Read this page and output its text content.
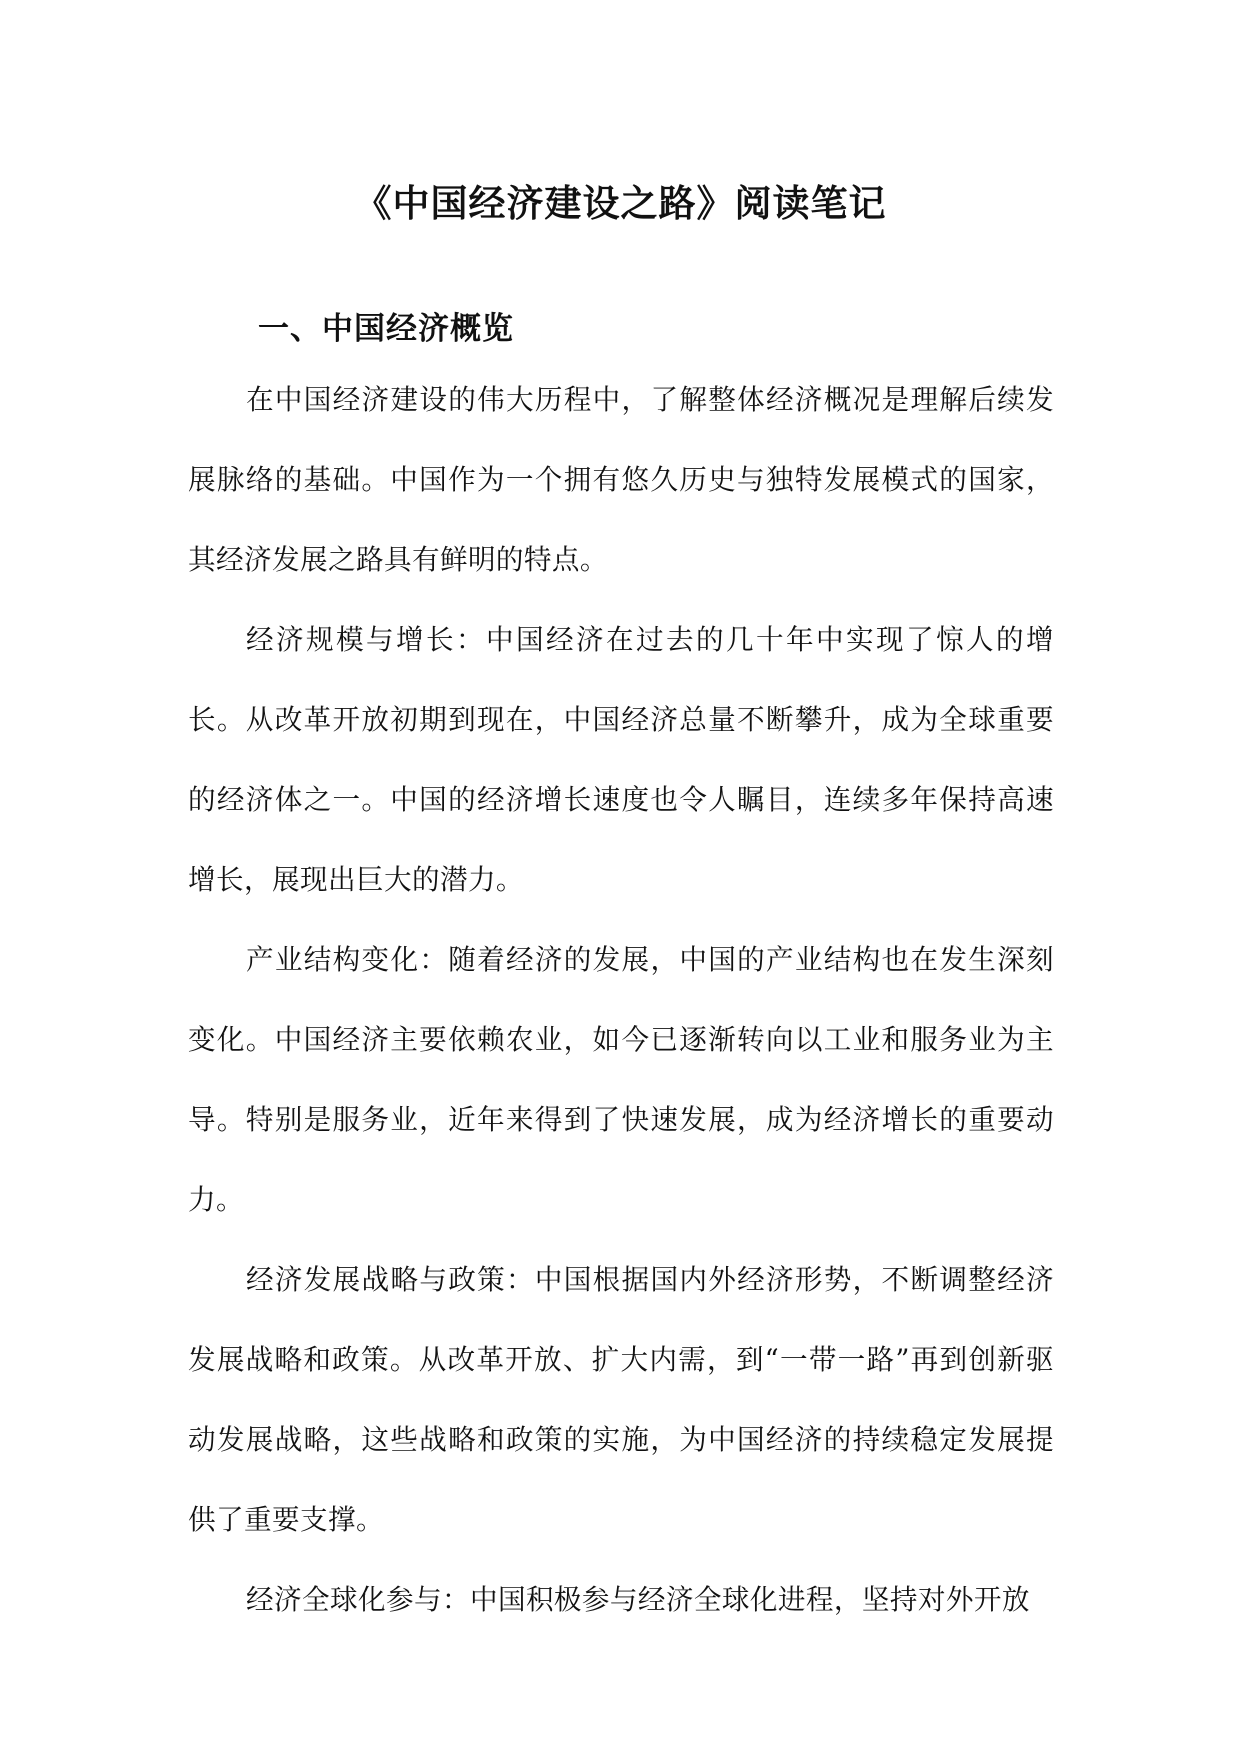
《中国经济建设之路》阅读笔记
一、中国经济概览

在中国经济建设的伟大历程中，了解整体经济概况是理解后续发展脉络的基础。中国作为一个拥有悠久历史与独特发展模式的国家，其经济发展之路具有鲜明的特点。

经济规模与增长：中国经济在过去的几十年中实现了惊人的增长。从改革开放初期到现在，中国经济总量不断攀升，成为全球重要的经济体之一。中国的经济增长速度也令人瞩目，连续多年保持高速增长，展现出巨大的潜力。

产业结构变化：随着经济的发展，中国的产业结构也在发生深刻变化。中国经济主要依赖农业，如今已逐渐转向以工业和服务业为主导。特别是服务业，近年来得到了快速发展，成为经济增长的重要动力。

经济发展战略与政策：中国根据国内外经济形势，不断调整经济发展战略和政策。从改革开放、扩大内需，到“一带一路”再到创新驱动发展战略，这些战略和政策的实施，为中国经济的持续稳定发展提供了重要支撑。

经济全球化参与：中国积极参与经济全球化进程，坚持对外开放
